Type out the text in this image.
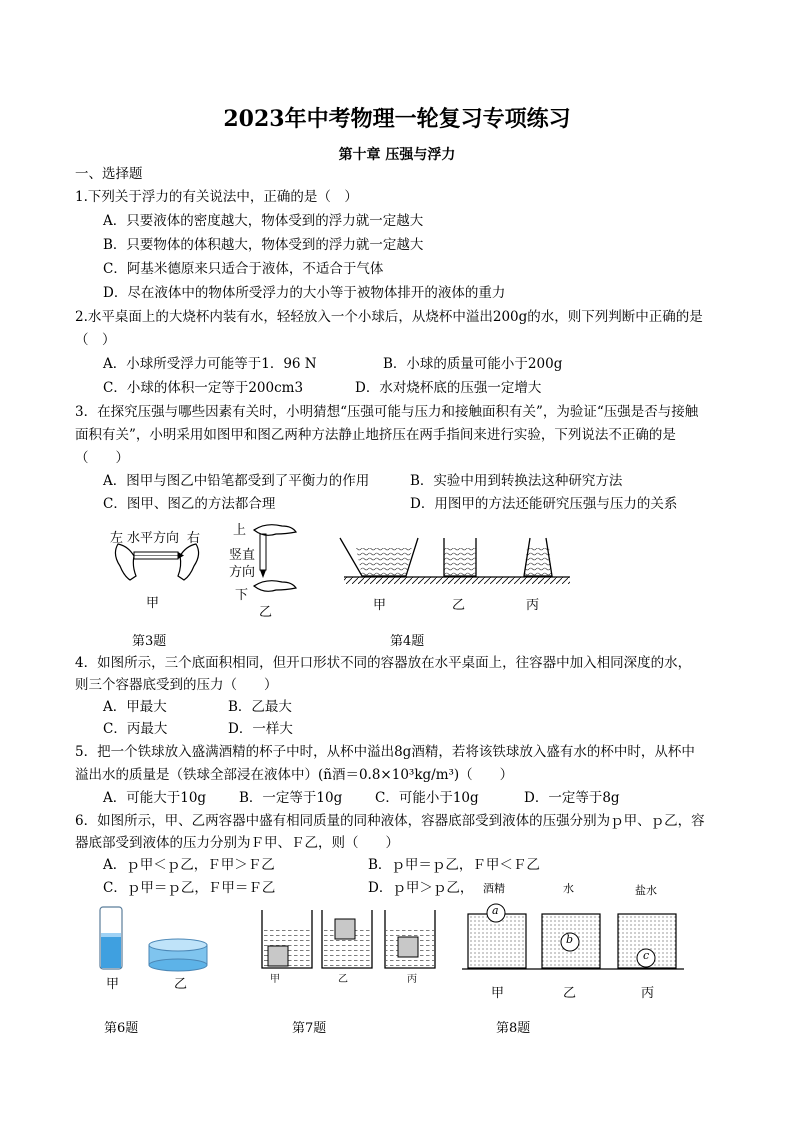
2023年中考物理一轮复习专项练习
第十章 压强与浮力
一、选择题
1.下列关于浮力的有关说法中，正确的是（　）
A．只要液体的密度越大，物体受到的浮力就一定越大
B．只要物体的体积越大，物体受到的浮力就一定越大
C．阿基米德原来只适合于液体，不适合于气体
D．尽在液体中的物体所受浮力的大小等于被物体排开的液体的重力
2.水平桌面上的大烧杯内装有水，轻轻放入一个小球后，从烧杯中溢出200g的水，则下列判断中正确的是
（　）
A．小球所受浮力可能等于1．96 N	B．小球的质量可能小于200g
C．小球的体积一定等于200cm3	D．水对烧杯底的压强一定增大
3．在探究压强与哪些因素有关时，小明猜想“压强可能与压力和接触面积有关”，为验证“压强是否与接触
面积有关”，小明采用如图甲和图乙两种方法静止地挤压在两手指间来进行实验，下列说法不正确的是
（　　）
A．图甲与图乙中铅笔都受到了平衡力的作用	B．实验中用到转换法这种研究方法
C．图甲、图乙的方法都合理	D．用图甲的方法还能研究压强与压力的关系
左 水平方向 右
甲
上
竖直
方向
下
乙	甲	乙	丙
第3题	第4题
4．如图所示，三个底面积相同，但开口形状不同的容器放在水平桌面上，往容器中加入相同深度的水，
则三个容器底受到的压力（　　）
A．甲最大	B．乙最大
C．丙最大	D．一样大
5．把一个铁球放入盛满酒精的杯子中时，从杯中溢出8g酒精，若将该铁球放入盛有水的杯中时，从杯中
溢出水的质量是（铁球全部浸在液体中）(ñ酒＝0.8×10³kg/m³)（　　）
A．可能大于10g B．一定等于10g C．可能小于10g	D．一定等于8g
6．如图所示，甲、乙两容器中盛有相同质量的同种液体，容器底部受到液体的压强分别为ｐ甲、ｐ乙，容
器底部受到液体的压力分别为Ｆ甲、Ｆ乙，则（　　）
A．ｐ甲＜ｐ乙，Ｆ甲＞Ｆ乙	B．ｐ甲＝ｐ乙，Ｆ甲＜Ｆ乙
C．ｐ甲＝ｐ乙，Ｆ甲＝Ｆ乙	D．ｐ甲＞ｐ乙，
甲	乙	甲	乙	丙
酒精	水	盐水
a
b
c
甲	乙	丙
第6题	第7题	第8题
